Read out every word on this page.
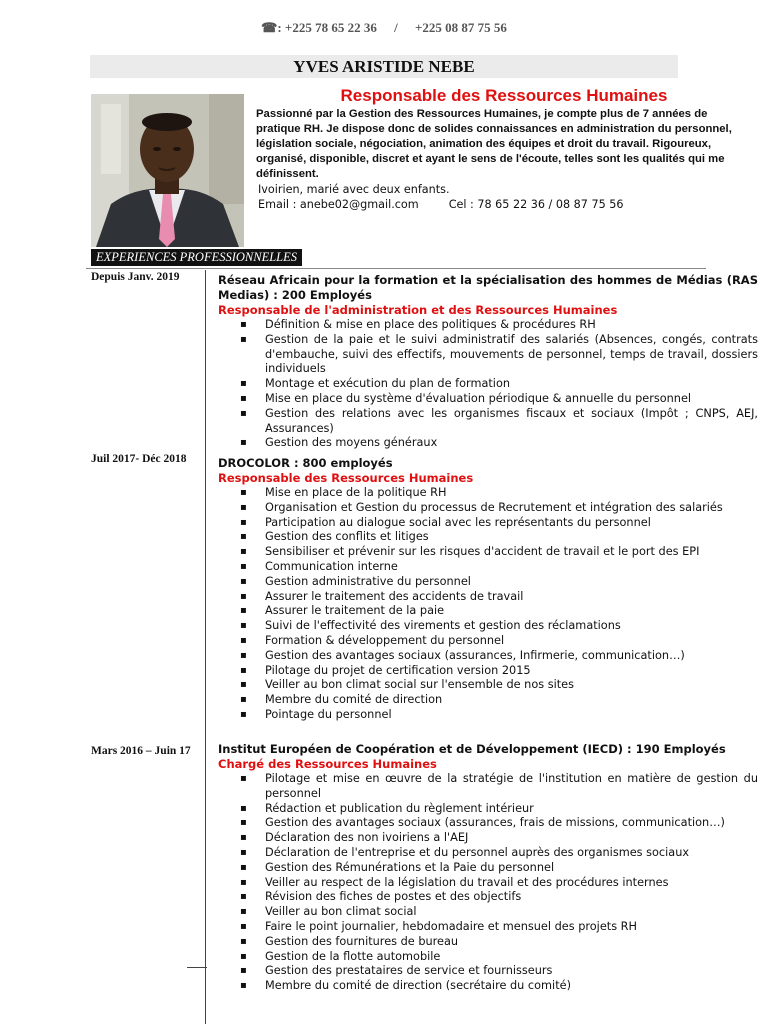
☎: +225 78 65 22 36 / +225 08 87 75 56
YVES ARISTIDE NEBE
Responsable des Ressources Humaines
Passionné par la Gestion des Ressources Humaines, je compte plus de 7 années de pratique RH. Je dispose donc de solides connaissances en administration du personnel, législation sociale, négociation, animation des équipes et droit du travail. Rigoureux, organisé, disponible, discret et ayant le sens de l'écoute, telles sont les qualités qui me définissent.
Ivoirien, marié avec deux enfants.
Email : anebe02@gmail.com	Cel : 78 65 22 36 / 08 87 75 56
EXPERIENCES PROFESSIONNELLES
Depuis Janv. 2019	Réseau Africain pour la formation et la spécialisation des hommes de Médias (RAS Medias) : 200 Employés
Responsable de l'administration et des Ressources Humaines
▪ Définition & mise en place des politiques & procédures RH
▪ Gestion de la paie et le suivi administratif des salariés (Absences, congés, contrats d'embauche, suivi des effectifs, mouvements de personnel, temps de travail, dossiers individuels
▪ Montage et exécution du plan de formation
▪ Mise en place du système d'évaluation périodique & annuelle du personnel
▪ Gestion des relations avec les organismes fiscaux et sociaux (Impôt ; CNPS, AEJ, Assurances)
▪ Gestion des moyens généraux
Juil 2017- Déc 2018	DROCOLOR : 800 employés
Responsable des Ressources Humaines
▪ Mise en place de la politique RH
▪ Organisation et Gestion du processus de Recrutement et intégration des salariés
▪ Participation au dialogue social avec les représentants du personnel
▪ Gestion des conflits et litiges
▪ Sensibiliser et prévenir sur les risques d'accident de travail et le port des EPI
▪ Communication interne
▪ Gestion administrative du personnel
▪ Assurer le traitement des accidents de travail
▪ Assurer le traitement de la paie
▪ Suivi de l'effectivité des virements et gestion des réclamations
▪ Formation & développement du personnel
▪ Gestion des avantages sociaux (assurances, Infirmerie, communication…)
▪ Pilotage du projet de certification version 2015
▪ Veiller au bon climat social sur l'ensemble de nos sites
▪ Membre du comité de direction
▪ Pointage du personnel
Mars 2016 – Juin 17	Institut Européen de Coopération et de Développement (IECD) : 190 Employés
Chargé des Ressources Humaines
▪ Pilotage et mise en œuvre de la stratégie de l'institution en matière de gestion du personnel
▪ Rédaction et publication du règlement intérieur
▪ Gestion des avantages sociaux (assurances, frais de missions, communication…)
▪ Déclaration des non ivoiriens a l'AEJ
▪ Déclaration de l'entreprise et du personnel auprès des organismes sociaux
▪ Gestion des Rémunérations et la Paie du personnel
▪ Veiller au respect de la législation du travail et des procédures internes
▪ Révision des fiches de postes et des objectifs
▪ Veiller au bon climat social
▪ Faire le point journalier, hebdomadaire et mensuel des projets RH
▪ Gestion des fournitures de bureau
▪ Gestion de la flotte automobile
▪ Gestion des prestataires de service et fournisseurs
▪ Membre du comité de direction (secrétaire du comité)
